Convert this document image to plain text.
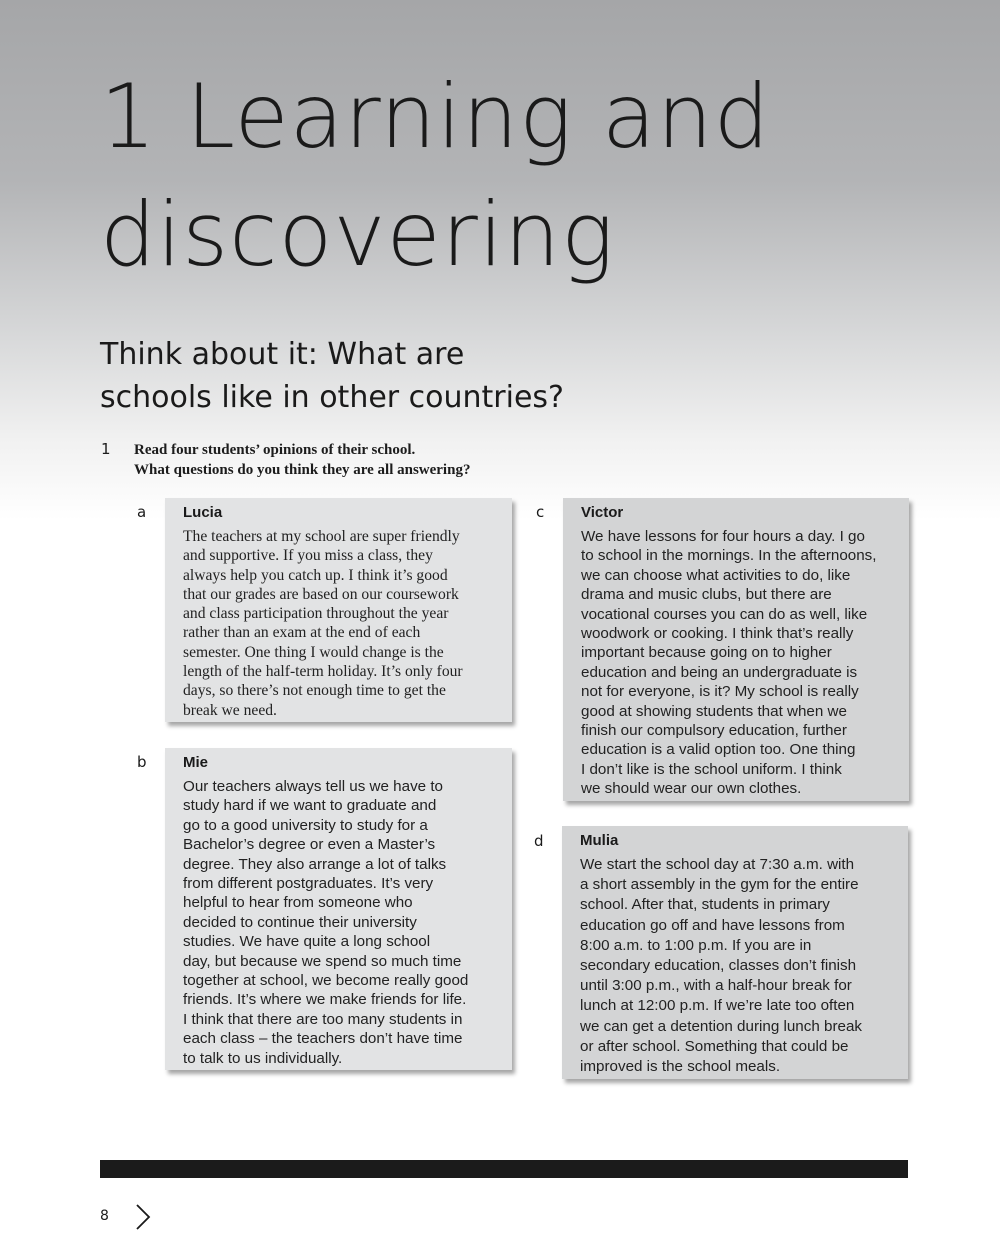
1 Learning and
discovering
Think about it: What are
schools like in other countries?
1 Read four students’ opinions of their school.
What questions do you think they are all answering?
a Lucia

The teachers at my school are super friendly
and supportive. If you miss a class, they
always help you catch up. I think it’s good
that our grades are based on our coursework
and class participation throughout the year
rather than an exam at the end of each
semester. One thing I would change is the
length of the half-term holiday. It’s only four
days, so there’s not enough time to get the
break we need.

b Mie

Our teachers always tell us we have to
study hard if we want to graduate and
go to a good university to study for a
Bachelor’s degree or even a Master’s
degree. They also arrange a lot of talks
from different postgraduates. It’s very
helpful to hear from someone who
decided to continue their university
studies. We have quite a long school
day, but because we spend so much time
together at school, we become really good
friends. It’s where we make friends for life.
I think that there are too many students in
each class – the teachers don’t have time
to talk to us individually.

c Victor

We have lessons for four hours a day. I go
to school in the mornings. In the afternoons,
we can choose what activities to do, like
drama and music clubs, but there are
vocational courses you can do as well, like
woodwork or cooking. I think that’s really
important because going on to higher
education and being an undergraduate is
not for everyone, is it? My school is really
good at showing students that when we
finish our compulsory education, further
education is a valid option too. One thing
I don’t like is the school uniform. I think
we should wear our own clothes.

d Mulia

We start the school day at 7:30 a.m. with
a short assembly in the gym for the entire
school. After that, students in primary
education go off and have lessons from
8:00 a.m. to 1:00 p.m. If you are in
secondary education, classes don’t finish
until 3:00 p.m., with a half-hour break for
lunch at 12:00 p.m. If we’re late too often
we can get a detention during lunch break
or after school. Something that could be
improved is the school meals.

8
